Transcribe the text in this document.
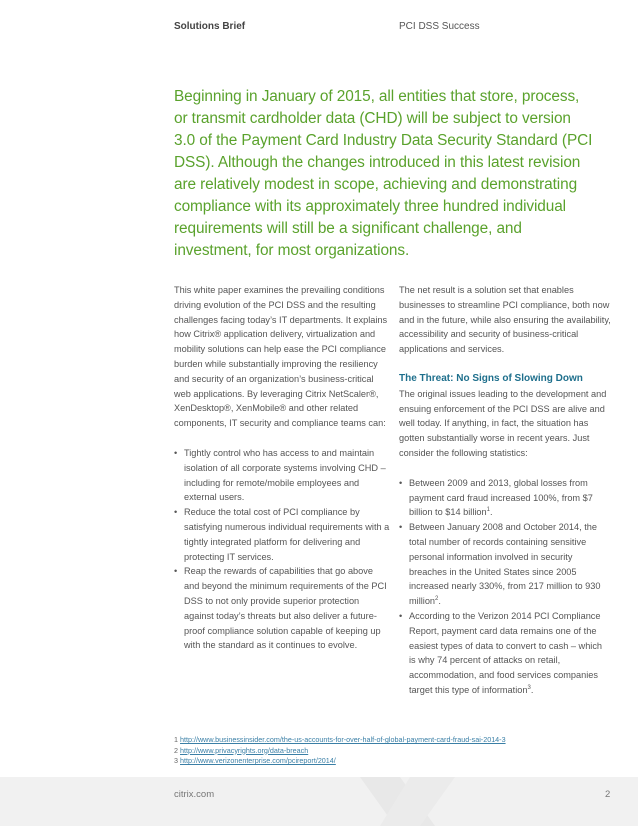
Solutions Brief	PCI DSS Success
Beginning in January of 2015, all entities that store, process, or transmit cardholder data (CHD) will be subject to version 3.0 of the Payment Card Industry Data Security Standard (PCI DSS). Although the changes introduced in this latest revision are relatively modest in scope, achieving and demonstrating compliance with its approximately three hundred individual requirements will still be a significant challenge, and investment, for most organizations.

This white paper examines the prevailing conditions driving evolution of the PCI DSS and the resulting challenges facing today’s IT departments. It explains how Citrix® application delivery, virtualization and mobility solutions can help ease the PCI compliance burden while substantially improving the resiliency and security of an organization’s business-critical web applications. By leveraging Citrix NetScaler®, XenDesktop®, XenMobile® and other related components, IT security and compliance teams can:

• Tightly control who has access to and maintain isolation of all corporate systems involving CHD – including for remote/mobile employees and external users.
• Reduce the total cost of PCI compliance by satisfying numerous individual requirements with a tightly integrated platform for delivering and protecting IT services.
• Reap the rewards of capabilities that go above and beyond the minimum requirements of the PCI DSS to not only provide superior protection against today’s threats but also deliver a future-proof compliance solution capable of keeping up with the standard as it continues to evolve.

The net result is a solution set that enables businesses to streamline PCI compliance, both now and in the future, while also ensuring the availability, accessibility and security of business-critical applications and services.

The Threat: No Signs of Slowing Down

The original issues leading to the development and ensuing enforcement of the PCI DSS are alive and well today. If anything, in fact, the situation has gotten substantially worse in recent years. Just consider the following statistics:

• Between 2009 and 2013, global losses from payment card fraud increased 100%, from $7 billion to $14 billion$^1$.
• Between January 2008 and October 2014, the total number of records containing sensitive personal information involved in security breaches in the United States since 2005 increased nearly 330%, from 217 million to 930 million$^2$.
• According to the Verizon 2014 PCI Compliance Report, payment card data remains one of the easiest types of data to convert to cash – which is why 74 percent of attacks on retail, accommodation, and food services companies target this type of information$^3$.
1 http://www.businessinsider.com/the-us-accounts-for-over-half-of-global-payment-card-fraud-sai-2014-3
2 http://www.privacyrights.org/data-breach
3 http://www.verizonenterprise.com/pcireport/2014/
citrix.com	2
